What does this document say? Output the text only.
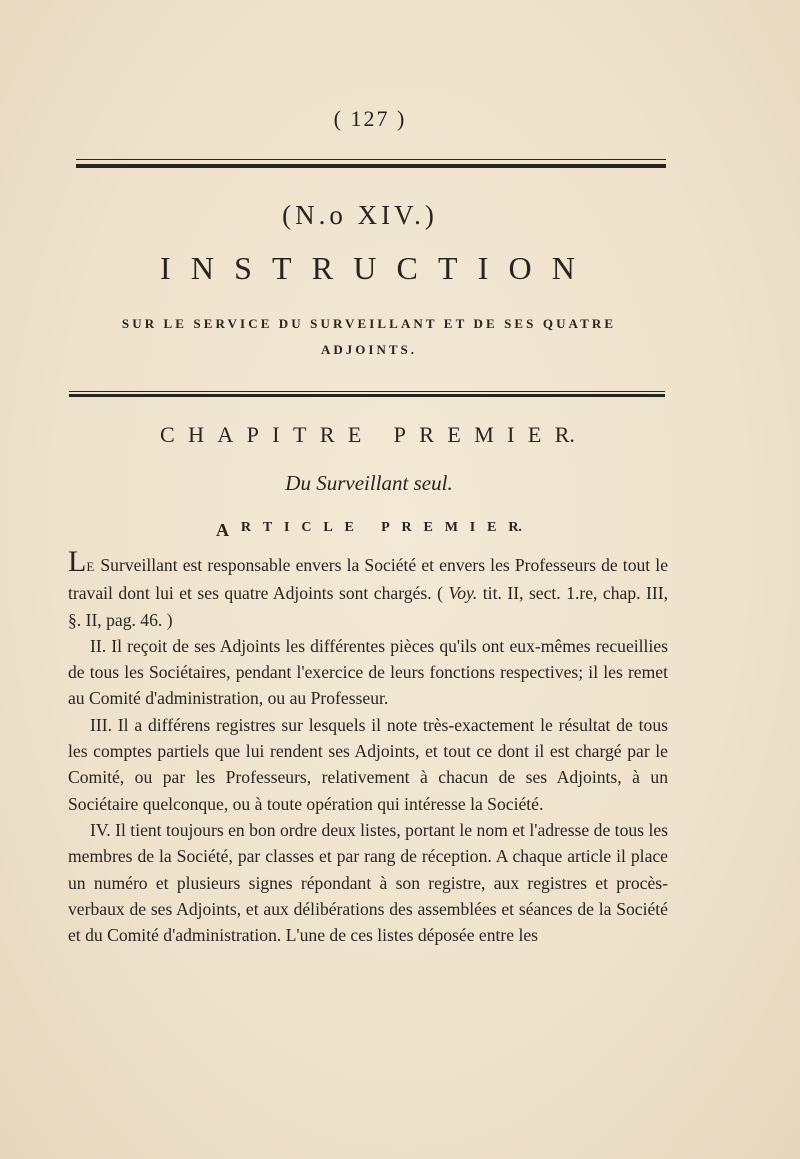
( 127 )
(N.o XIV.)
I N S T R U C T I O N
SUR LE SERVICE DU SURVEILLANT ET DE SES QUATRE
ADJOINTS.
C H A P I T R E
P R E M I E R.
Du Surveillant seul.
A R T I C L E
P R E M I E R.

LE Surveillant est responsable envers la Société et envers les Professeurs de tout le travail dont lui et ses quatre Adjoints sont chargés. ( Voy. tit. II, sect. 1.re, chap. III, §. II, pag. 46. )

II. Il reçoit de ses Adjoints les différentes pièces qu'ils ont eux-mêmes recueillies de tous les Sociétaires, pendant l'exercice de leurs fonctions respectives; il les remet au Comité d'administration, ou au Professeur.

III. Il a différens registres sur lesquels il note très-exactement le résultat de tous les comptes partiels que lui rendent ses Adjoints, et tout ce dont il est chargé par le Comité, ou par les Professeurs, relativement à chacun de ses Adjoints, à un Sociétaire quelconque, ou à toute opération qui intéresse la Société.

IV. Il tient toujours en bon ordre deux listes, portant le nom et l'adresse de tous les membres de la Société, par classes et par rang de réception. A chaque article il place un numéro et plusieurs signes répondant à son registre, aux registres et procès-verbaux de ses Adjoints, et aux délibérations des assemblées et séances de la Société et du Comité d'administration. L'une de ces listes déposée entre les
